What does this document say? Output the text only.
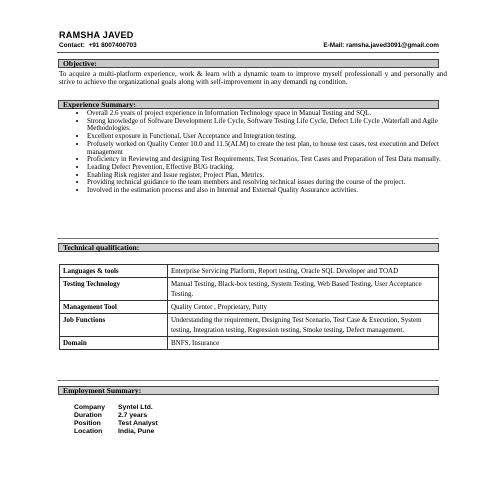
RAMSHA JAVED
Contact:  +91 8007400703	E-Mail: ramsha.javed3091@gmail.com
Objective:
To acquire a multi-platform experience, work & learn with a dynamic team to improve myself professionall y and personally and strive to achieve the organizational goals along with self-improvement in any demandi ng condition.
Experience Summary:
• Overall 2.6 years of project experience in Information Technology space in Manual Testing and SQL.
• Strong knowledge of Software Development Life Cycle, Software Testing Life Cycle, Defect Life Cycle ,Waterfall and Agile Methodologies.
• Excellent exposure in Functional, User Acceptance and Integration testing.
• Profusely worked on Quality Center 10.0 and 11.5(ALM) to create the test plan, to house test cases, test execution and Defect management
• Proficiency in Reviewing and designing Test Requirements, Test Scenarios, Test Cases and Preparation of Test Data manually.
• Leading Defect Prevention, Effective BUG tracking.
• Enabling Risk register and Issue register, Project Plan, Metrics.
• Providing technical guidance to the team members and resolving technical issues during the course of the project.
• Involved in the estimation process and also in Internal and External Quality Assurance activities.
Technical qualification:
Languages & tools	Enterprise Servicing Platform, Report testing, Oracle SQL Developer and TOAD
Testing Technology	Manual Testing, Black-box testing, System Testing, Web Based Testing, User Acceptance Testing.
Management Tool	Quality Center , Proprietary, Putty
Job Functions	Understanding the requirement, Designing Test Scenario, Test Case & Execution, System testing, Integration testing, Regression testing, Smoke testing, Defect management.
Domain	BNFS, Insurance
Employment Summary:
Company	Syntel Ltd.
Duration	2.7 years
Position	Test Analyst
Location	India, Pune
